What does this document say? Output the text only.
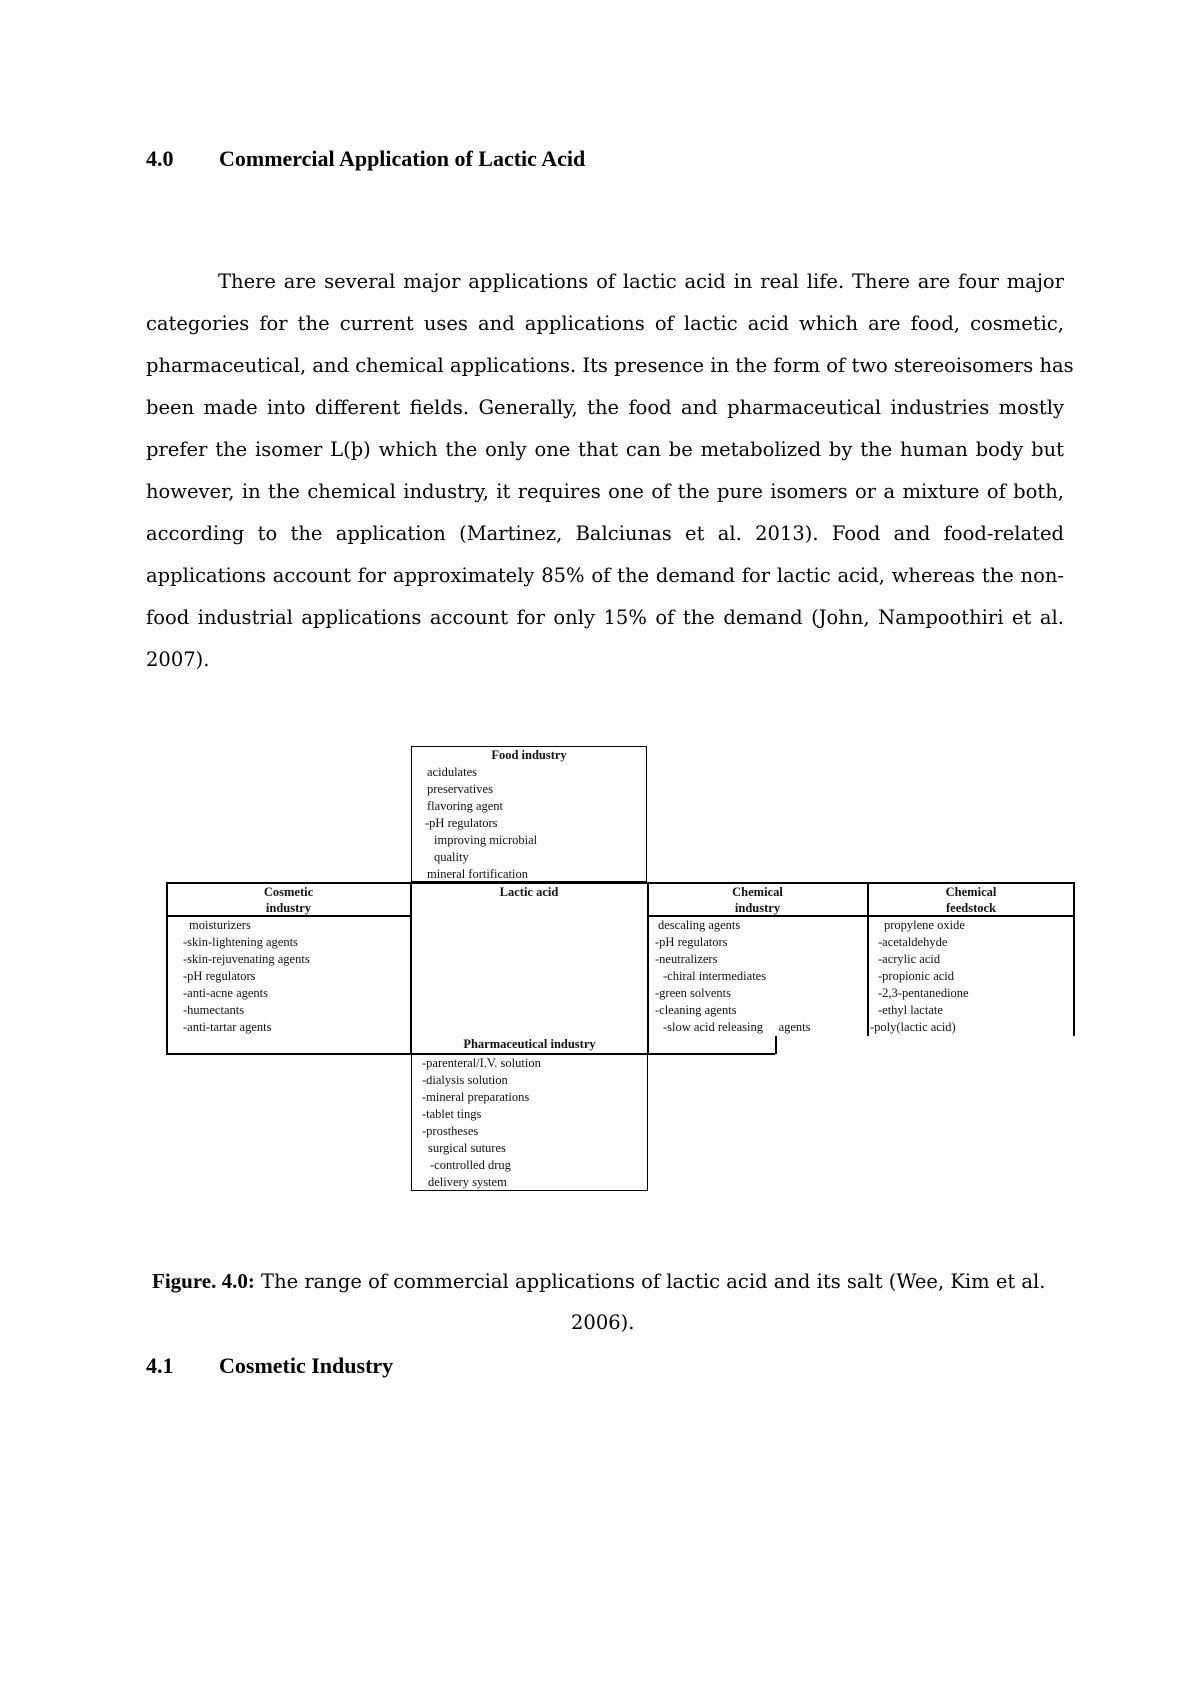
4.0 Commercial Application of Lactic Acid
There are several major applications of lactic acid in real life. There are four major
categories for the current uses and applications of lactic acid which are food, cosmetic,
pharmaceutical, and chemical applications. Its presence in the form of two stereoisomers has
been made into different fields. Generally, the food and pharmaceutical industries mostly
prefer the isomer L(þ) which the only one that can be metabolized by the human body but
however, in the chemical industry, it requires one of the pure isomers or a mixture of both,
according to the application (Martinez, Balciunas et al. 2013). Food and food-related
applications account for approximately 85% of the demand for lactic acid, whereas the non-
food industrial applications account for only 15% of the demand (John, Nampoothiri et al.
2007).
Food industry
acidulates
preservatives
flavoring agent
-pH regulators
improving microbial
quality
mineral fortification
Cosmetic
industry
moisturizers
-skin-lightening agents
-skin-rejuvenating agents
-pH regulators
-anti-acne agents
-humectants
-anti-tartar agents
Lactic acid	Chemical
industry
descaling agents
-pH regulators
-neutralizers
-chiral intermediates
-green solvents
-cleaning agents
-slow acid releasing     agents
Chemical
feedstock
propylene oxide
-acetaldehyde
-acrylic acid
-propionic acid
-2,3-pentanedione
-ethyl lactate
-poly(lactic acid)
Pharmaceutical industry
-parenteral/I.V. solution
-dialysis solution
-mineral preparations
-tablet tings
-prostheses
surgical sutures
-controlled drug
delivery system
Figure. 4.0: The range of commercial applications of lactic acid and its salt (Wee, Kim et al.
2006).
4.1 Cosmetic Industry
